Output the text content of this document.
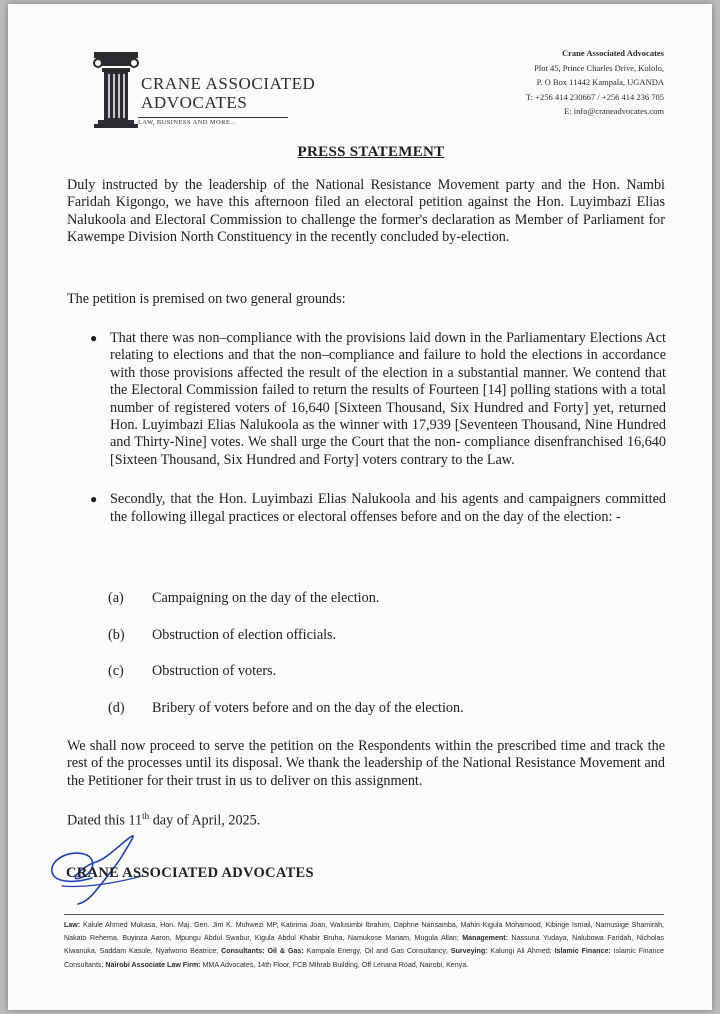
CRANE ASSOCIATED
ADVOCATES
LAW, BUSINESS AND MORE...
Crane Associated Advocates
Plot 45, Prince Charles Drive, Kololo,
P. O Box 11442 Kampala, UGANDA
T: +256 414 230667 / +256 414 236 705
E: info@craneadvocates.com
PRESS STATEMENT
Duly instructed by the leadership of the National Resistance Movement party and the Hon. Nambi Faridah Kigongo, we have this afternoon filed an electoral petition against the Hon. Luyimbazi Elias Nalukoola and Electoral Commission to challenge the former's declaration as Member of Parliament for Kawempe Division North Constituency in the recently concluded by-election.
The petition is premised on two general grounds:
● That there was non–compliance with the provisions laid down in the Parliamentary Elections Act relating to elections and that the non–compliance and failure to hold the elections in accordance with those provisions affected the result of the election in a substantial manner. We contend that the Electoral Commission failed to return the results of Fourteen [14] polling stations with a total number of registered voters of 16,640 [Sixteen Thousand, Six Hundred and Forty] yet, returned Hon. Luyimbazi Elias Nalukoola as the winner with 17,939 [Seventeen Thousand, Nine Hundred and Thirty-Nine] votes. We shall urge the Court that the non- compliance disenfranchised 16,640 [Sixteen Thousand, Six Hundred and Forty] voters contrary to the Law.
● Secondly, that the Hon. Luyimbazi Elias Nalukoola and his agents and campaigners committed the following illegal practices or electoral offenses before and on the day of the election: -
(a)	Campaigning on the day of the election.
(b)	Obstruction of election officials.
(c)	Obstruction of voters.
(d)	Bribery of voters before and on the day of the election.
We shall now proceed to serve the petition on the Respondents within the prescribed time and track the rest of the processes until its disposal. We thank the leadership of the National Resistance Movement and the Petitioner for their trust in us to deliver on this assignment.
Dated this 11th day of April, 2025.
CRANE ASSOCIATED ADVOCATES
Law: Kalule Ahmed Mukasa, Hon. Maj. Gen. Jim K. Muhwezi MP, Katirima Joan, Walusimbi Ibrahim, Daphne Nansamba, Mahiri Kigula Mohamood, Kibirige Ismail, Namusiige Shamirah, Nakato Rehema, Buyinza Aaron, Mpungu Abdul Swabur, Kigula Abdul Khabir Bruha, Namukose Mariam, Mugula Allan; Management: Nassuna Yudaya, Nalubowa Faridah, Nicholas Kiwanuka, Saddam Kasule, Nyafwono Beatrice; Consultants: Oil & Gas: Kampala Energy, Oil and Gas Consultancy; Surveying: Kalungi Ali Ahmed; Islamic Finance: Islamic Finance Consultants; Nairobi Associate Law Firm: MMA Advocates, 14th Floor, FCB Mihrab Building, Off Lenana Road, Nairobi, Kenya.
